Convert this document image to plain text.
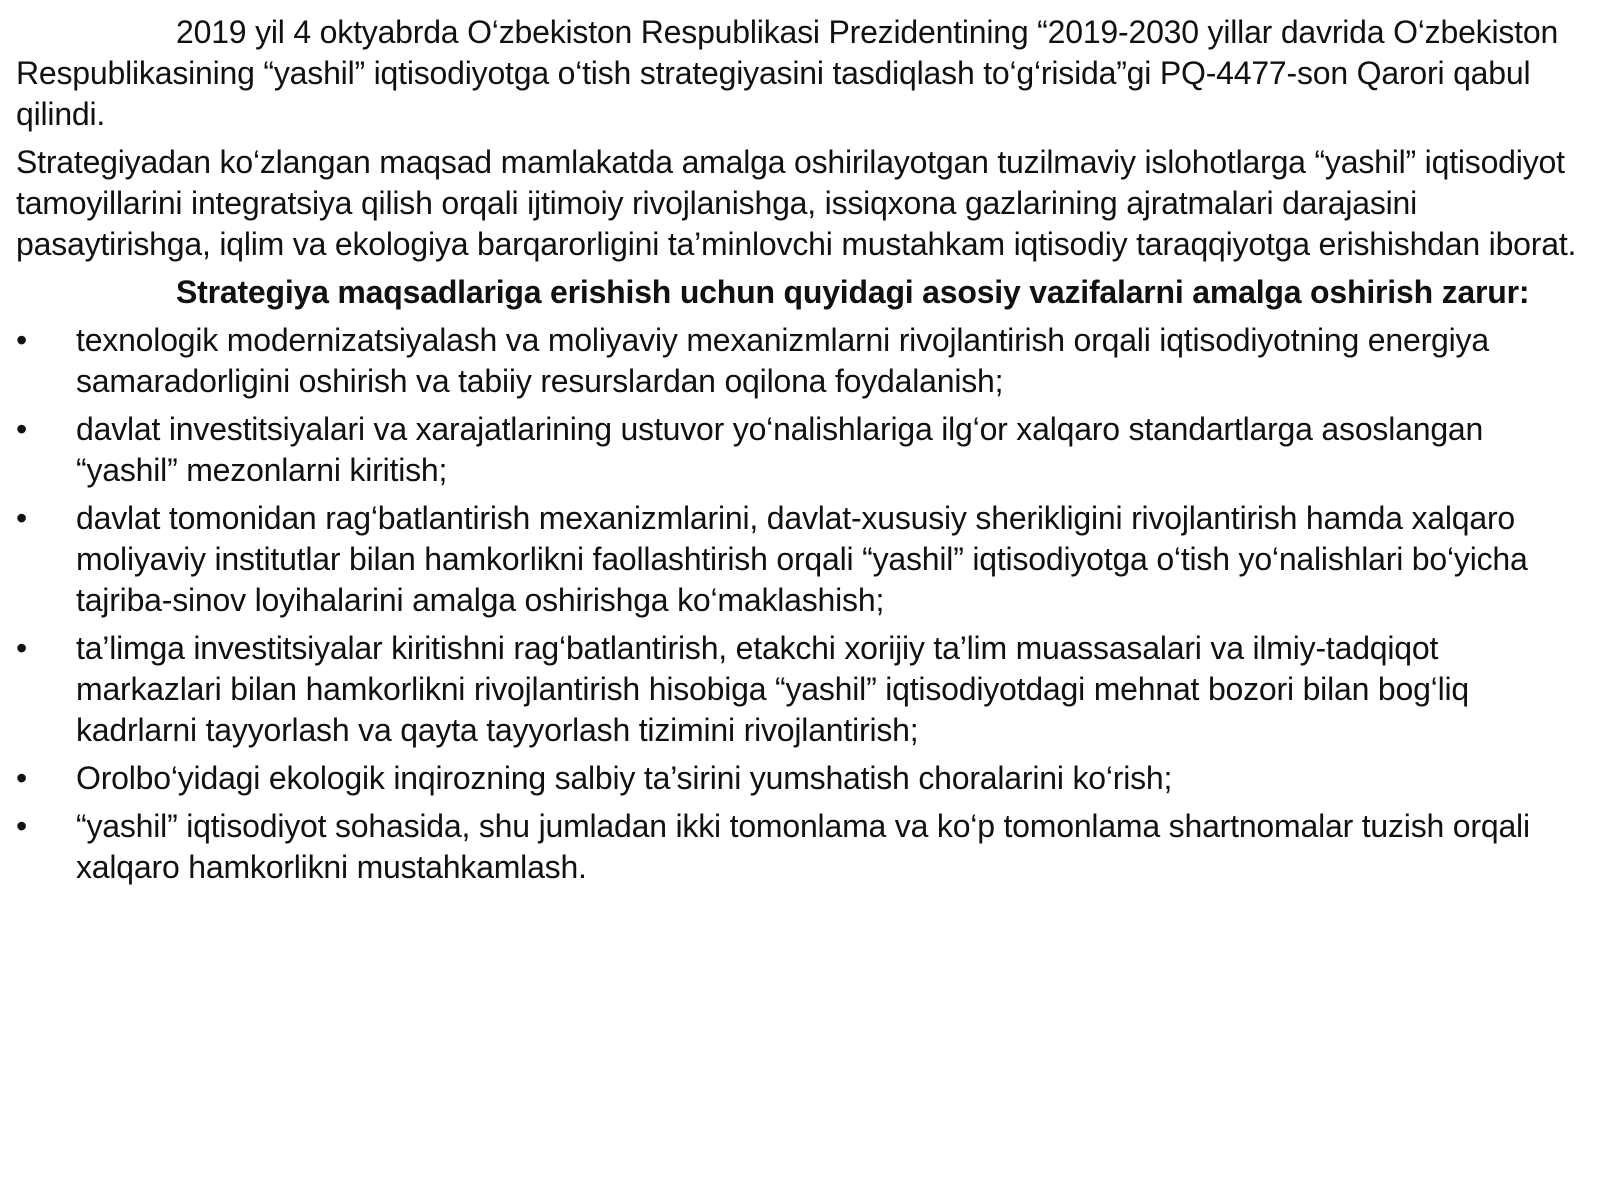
2019 yil 4 oktyabrda O‘zbekiston Respublikasi Prezidentining “2019-2030 yillar davrida O‘zbekiston Respublikasining “yashil” iqtisodiyotga o‘tish strategiyasini tasdiqlash to‘g‘risida”gi PQ-4477-son Qarori qabul qilindi.

Strategiyadan ko‘zlangan maqsad mamlakatda amalga oshirilayotgan tuzilmaviy islohotlarga “yashil” iqtisodiyot tamoyillarini integratsiya qilish orqali ijtimoiy rivojlanishga, issiqxona gazlarining ajratmalari darajasini pasaytirishga, iqlim va ekologiya barqarorligini ta’minlovchi mustahkam iqtisodiy taraqqiyotga erishishdan iborat.

Strategiya maqsadlariga erishish uchun quyidagi asosiy vazifalarni amalga oshirish zarur:

• texnologik modernizatsiyalash va moliyaviy mexanizmlarni rivojlantirish orqali iqtisodiyotning energiya samaradorligini oshirish va tabiiy resurslardan oqilona foydalanish;
• davlat investitsiyalari va xarajatlarining ustuvor yo‘nalishlariga ilg‘or xalqaro standartlarga asoslangan “yashil” mezonlarni kiritish;
• davlat tomonidan rag‘batlantirish mexanizmlarini, davlat-xususiy sherikligini rivojlantirish hamda xalqaro moliyaviy institutlar bilan hamkorlikni faollashtirish orqali “yashil” iqtisodiyotga o‘tish yo‘nalishlari bo‘yicha tajriba-sinov loyihalarini amalga oshirishga ko‘maklashish;
• ta’limga investitsiyalar kiritishni rag‘batlantirish, etakchi xorijiy ta’lim muassasalari va ilmiy-tadqiqot markazlari bilan hamkorlikni rivojlantirish hisobiga “yashil” iqtisodiyotdagi mehnat bozori bilan bog‘liq kadrlarni tayyorlash va qayta tayyorlash tizimini rivojlantirish;
• Orolbo‘yidagi ekologik inqirozning salbiy ta’sirini yumshatish choralarini ko‘rish;
• “yashil” iqtisodiyot sohasida, shu jumladan ikki tomonlama va ko‘p tomonlama shartnomalar tuzish orqali xalqaro hamkorlikni mustahkamlash.
